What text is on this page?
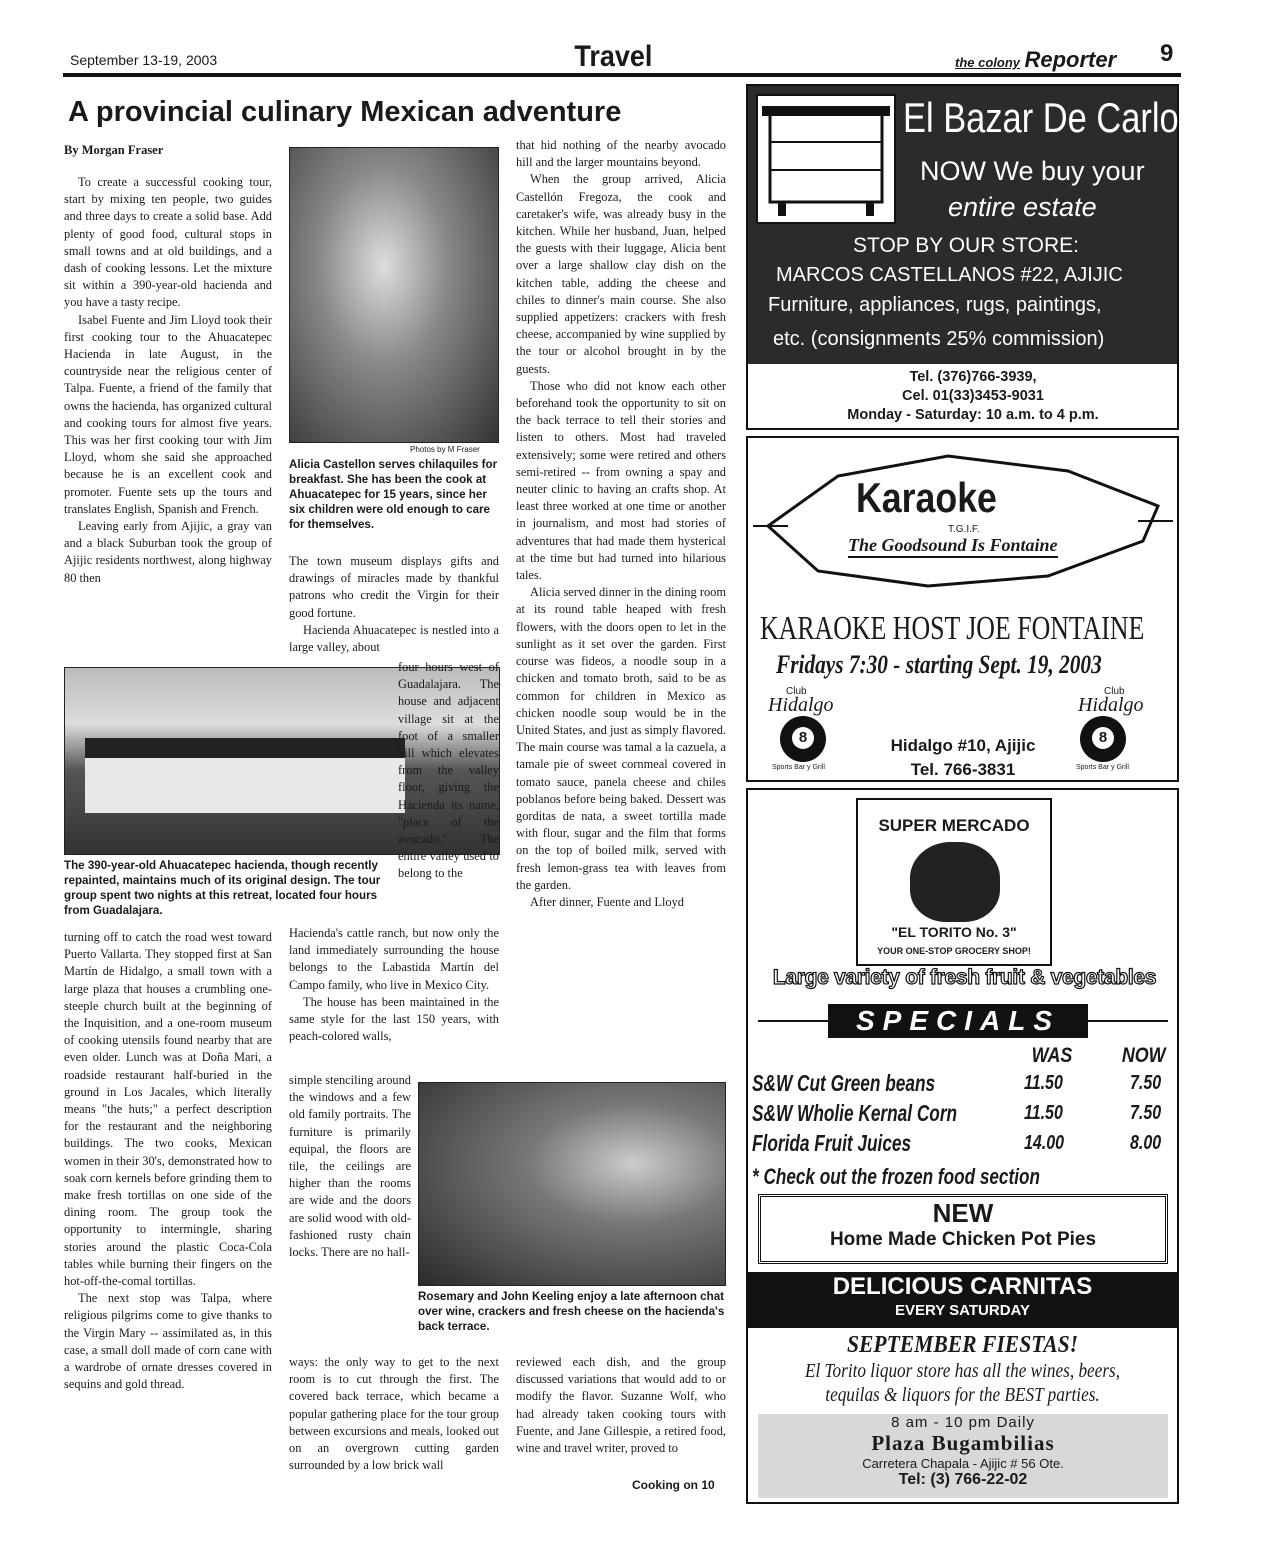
September 13-19, 2003	Travel	the colony Reporter 9
A provincial culinary Mexican adventure
By Morgan Fraser

To create a successful cooking tour, start by mixing ten people, two guides and three days to create a solid base. Add plenty of good food, cultural stops in small towns and at old buildings, and a dash of cooking lessons. Let the mixture sit within a 390-year-old hacienda and you have a tasty recipe.

Isabel Fuente and Jim Lloyd took their first cooking tour to the Ahuacatepec Hacienda in late August, in the countryside near the religious center of Talpa. Fuente, a friend of the family that owns the hacienda, has organized cultural and cooking tours for almost five years. This was her first cooking tour with Jim Lloyd, whom she said she approached because he is an excellent cook and promoter. Fuente sets up the tours and translates English, Spanish and French.

Leaving early from Ajijic, a gray van and a black Suburban took the group of Ajijic residents northwest, along highway 80 then

The 390-year-old Ahuacatepec hacienda, though recently repainted, maintains much of its original design. The tour group spent two nights at this retreat, located four hours from Guadalajara.

turning off to catch the road west toward Puerto Vallarta. They stopped first at San Martín de Hidalgo, a small town with a large plaza that houses a crumbling one-steeple church built at the beginning of the Inquisition, and a one-room museum of cooking utensils found nearby that are even older. Lunch was at Doña Mari, a roadside restaurant half-buried in the ground in Los Jacales, which literally means "the huts;" a perfect description for the restaurant and the neighboring buildings. The two cooks, Mexican women in their 30's, demonstrated how to soak corn kernels before grinding them to make fresh tortillas on one side of the dining room. The group took the opportunity to intermingle, sharing stories around the plastic Coca-Cola tables while burning their fingers on the hot-off-the-comal tortillas.

The next stop was Talpa, where religious pilgrims come to give thanks to the Virgin Mary -- assimilated as, in this case, a small doll made of corn cane with a wardrobe of ornate dresses covered in sequins and gold thread.

Photos by M Fraser
Alicia Castellon serves chilaquiles for breakfast. She has been the cook at Ahuacatepec for 15 years, since her six children were old enough to care for themselves.

The town museum displays gifts and drawings of miracles made by thankful patrons who credit the Virgin for their good fortune.

Hacienda Ahuacatepec is nestled into a large valley, about

four hours west of Guadalajara. The house and adjacent village sit at the foot of a smaller hill which elevates from the valley floor, giving the Hacienda its name, "place of the avocado." The entire valley used to belong to the

Hacienda's cattle ranch, but now only the land immediately surrounding the house belongs to the Labastida Martín del Campo family, who live in Mexico City.

The house has been maintained in the same style for the last 150 years, with peach-colored walls,

simple stenciling around the windows and a few old family portraits. The furniture is primarily equipal, the floors are tile, the ceilings are higher than the rooms are wide and the doors are solid wood with old-fashioned rusty chain locks. There are no hall-

ways: the only way to get to the next room is to cut through the first. The covered back terrace, which became a popular gathering place for the tour group between excursions and meals, looked out on an overgrown cutting garden surrounded by a low brick wall

that hid nothing of the nearby avocado hill and the larger mountains beyond.

When the group arrived, Alicia Castellón Fregoza, the cook and caretaker's wife, was already busy in the kitchen. While her husband, Juan, helped the guests with their luggage, Alicia bent over a large shallow clay dish on the kitchen table, adding the cheese and chiles to dinner's main course. She also supplied appetizers: crackers with fresh cheese, accompanied by wine supplied by the tour or alcohol brought in by the guests.

Those who did not know each other beforehand took the opportunity to sit on the back terrace to tell their stories and listen to others. Most had traveled extensively; some were retired and others semi-retired -- from owning a spay and neuter clinic to having an crafts shop. At least three worked at one time or another in journalism, and most had stories of adventures that had made them hysterical at the time but had turned into hilarious tales.

Alicia served dinner in the dining room at its round table heaped with fresh flowers, with the doors open to let in the sunlight as it set over the garden. First course was fideos, a noodle soup in a chicken and tomato broth, said to be as common for children in Mexico as chicken noodle soup would be in the United States, and just as simply flavored. The main course was tamal a la cazuela, a tamale pie of sweet cornmeal covered in tomato sauce, panela cheese and chiles poblanos before being baked. Dessert was gorditas de nata, a sweet tortilla made with flour, sugar and the film that forms on the top of boiled milk, served with fresh lemon-grass tea with leaves from the garden.

After dinner, Fuente and Lloyd

Rosemary and John Keeling enjoy a late afternoon chat over wine, crackers and fresh cheese on the hacienda's back terrace.

reviewed each dish, and the group discussed variations that would add to or modify the flavor. Suzanne Wolf, who had already taken cooking tours with Fuente, and Jane Gillespie, a retired food, wine and travel writer, proved to

Cooking on 10
El Bazar De Carlos
NOW We buy your
entire estate
STOP BY OUR STORE:
MARCOS CASTELLANOS #22, AJIJIC
Furniture, appliances, rugs, paintings,
etc. (consignments 25% commission)
Tel. (376)766-3939,
Cel. 01(33)3453-9031
Monday - Saturday: 10 a.m. to 4 p.m.
Karaoke
T.G.I.F.
The Goodsound Is Fontaine
KARAOKE HOST JOE FONTAINE
Fridays 7:30 - starting Sept. 19, 2003
Club
Hidalgo
8
Sports Bar y Grill
Hidalgo #10, Ajijic
Tel. 766-3831
Club
Hidalgo
8
Sports Bar y Grill
SUPER MERCADO
"EL TORITO No. 3"
YOUR ONE-STOP GROCERY SHOP!
Large variety of fresh fruit & vegetables
SPECIALS
WAS NOW
S&W Cut Green beans	11.50	7.50
S&W Wholie Kernal Corn	11.50	7.50
Florida Fruit Juices	14.00	8.00
* Check out the frozen food section
NEW
Home Made Chicken Pot Pies
DELICIOUS CARNITAS
EVERY SATURDAY
SEPTEMBER FIESTAS!
El Torito liquor store has all the wines, beers,
tequilas & liquors for the BEST parties.
8 am - 10 pm Daily
Plaza Bugambilias
Carretera Chapala - Ajijic # 56 Ote.
Tel: (3) 766-22-02
